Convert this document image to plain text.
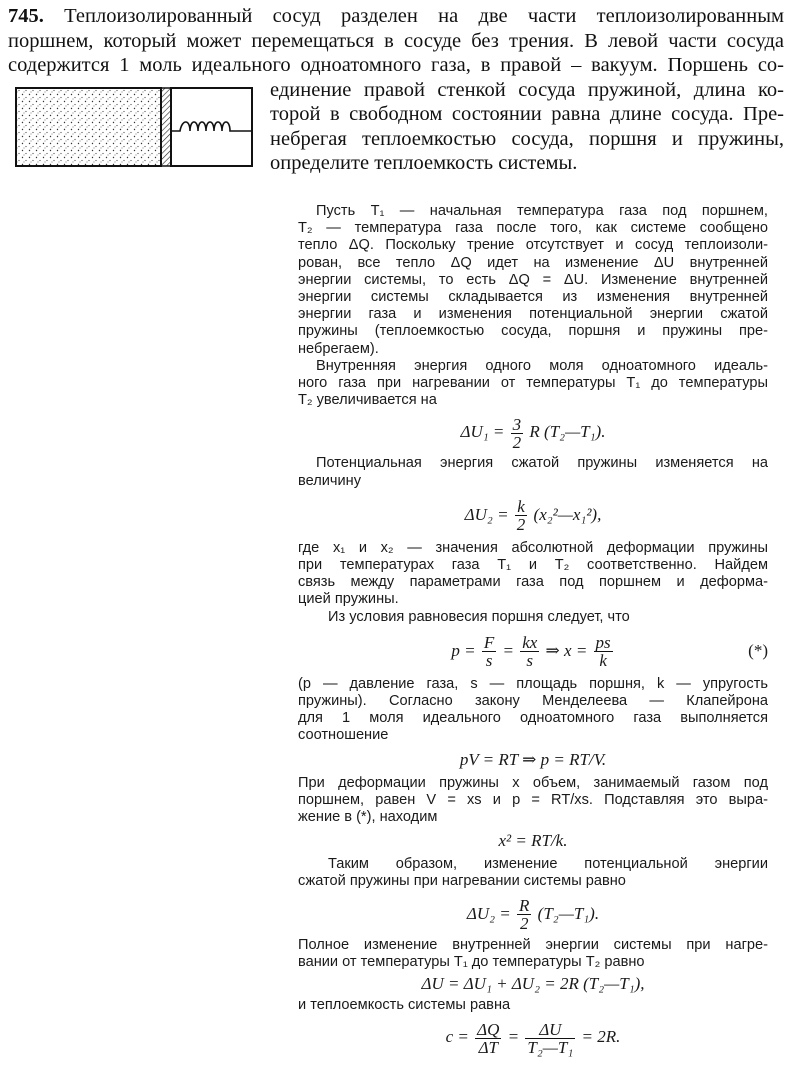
745. Теплоизолированный сосуд разделен на две части теплоизолированным
поршнем, который может перемещаться в сосуде без трения. В левой части сосуда
содержится 1 моль идеального одноатомного газа, в правой – вакуум. Поршень со-
единение правой стенкой сосуда пружиной, длина ко-
торой в свободном состоянии равна длине сосуда. Пре-
небрегая теплоемкостью сосуда, поршня и пружины,
определите теплоемкость системы.
Пусть T₁ — начальная температура газа под поршнем,
T₂ — температура газа после того, как системе сообщено
тепло ΔQ. Поскольку трение отсутствует и сосуд теплоизоли-
рован, все тепло ΔQ идет на изменение ΔU внутренней
энергии системы, то есть ΔQ = ΔU. Изменение внутренней
энергии системы складывается из изменения внутренней
энергии газа и изменения потенциальной энергии сжатой
пружины (теплоемкостью сосуда, поршня и пружины пре-
небрегаем).
Внутренняя энергия одного моля одноатомного идеаль-
ного газа при нагревании от температуры T₁ до температуры
T₂ увеличивается на
$\Delta U_1 = \frac{3}{2}$ R (T₂—T₁).
Потенциальная энергия сжатой пружины изменяется на
величину
$\Delta U_2 = \frac{k}{2}$ (x₂²—x₁²),
где x₁ и x₂ — значения абсолютной деформации пружины
при температурах газа T₁ и T₂ соответственно. Найдем
связь между параметрами газа под поршнем и деформа-
цией пружины.
Из условия равновесия поршня следует, что
$p = \frac{F}{s} = \frac{kx}{s}$ ⇒ $x = \frac{ps}{k}$	(*)
(p — давление газа, s — площадь поршня, k — упругость
пружины). Согласно закону Менделеева — Клапейрона
для 1 моля идеального одноатомного газа выполняется
соотношение
pV = RT ⇒ p = RT/V.
При деформации пружины x объем, занимаемый газом под
поршнем, равен V = xs и p = RT/xs. Подставляя это выра-
жение в (*), находим
x² = RT/k.
Таким образом, изменение потенциальной энергии
сжатой пружины при нагревании системы равно
$\Delta U_2 = \frac{R}{2}$ (T₂—T₁).
Полное изменение внутренней энергии системы при нагре-
вании от температуры T₁ до температуры T₂ равно
ΔU = ΔU₁ + ΔU₂ = 2R (T₂—T₁),
и теплоемкость системы равна
$c = \frac{\Delta Q}{\Delta T} = \frac{\Delta U}{\text{T₂—T₁}} = 2R$.
